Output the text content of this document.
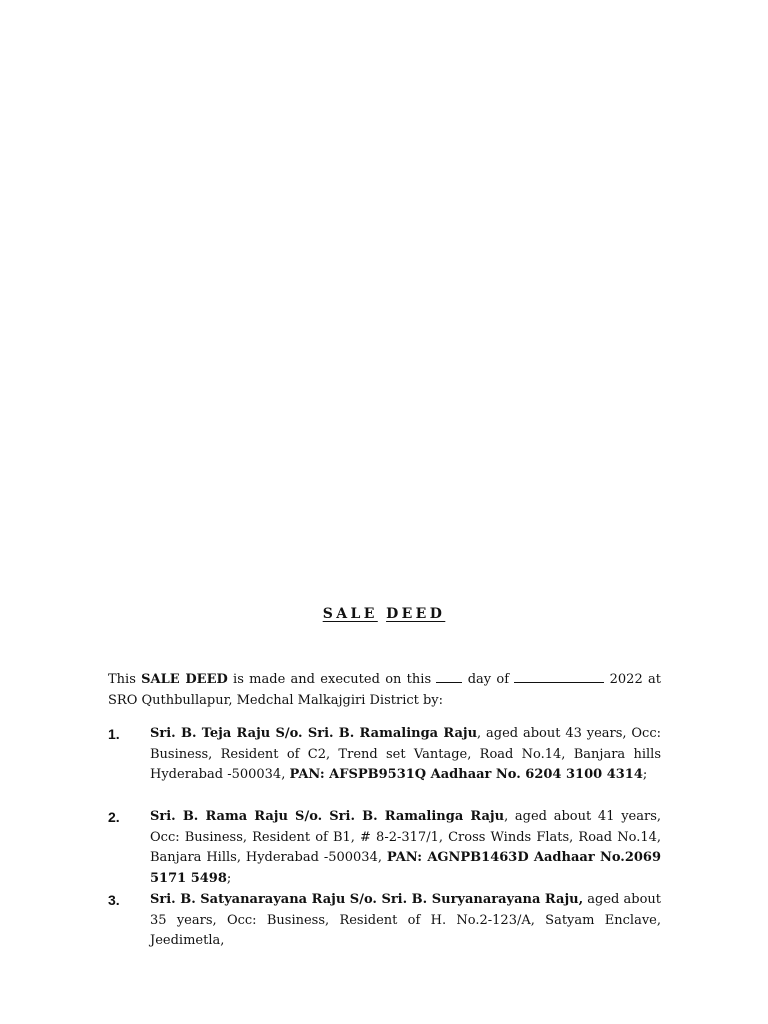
SALE DEED

This SALE DEED is made and executed on this  day of	2022 at SRO Quthbullapur, Medchal Malkajgiri District by:

1. Sri. B. Teja Raju S/o. Sri. B. Ramalinga Raju, aged about 43 years, Occ: Business, Resident of C2, Trend set Vantage, Road No.14, Banjara hills Hyderabad -500034, PAN: AFSPB9531Q Aadhaar No. 6204 3100 4314;

2. Sri. B. Rama Raju S/o. Sri. B. Ramalinga Raju, aged about 41 years, Occ: Business, Resident of B1, # 8-2-317/1, Cross Winds Flats, Road No.14, Banjara Hills, Hyderabad -500034, PAN: AGNPB1463D Aadhaar No.2069 5171 5498;

3. Sri. B. Satyanarayana Raju S/o. Sri. B. Suryanarayana Raju, aged about 35 years, Occ: Business, Resident of H. No.2-123/A, Satyam Enclave, Jeedimetla,
